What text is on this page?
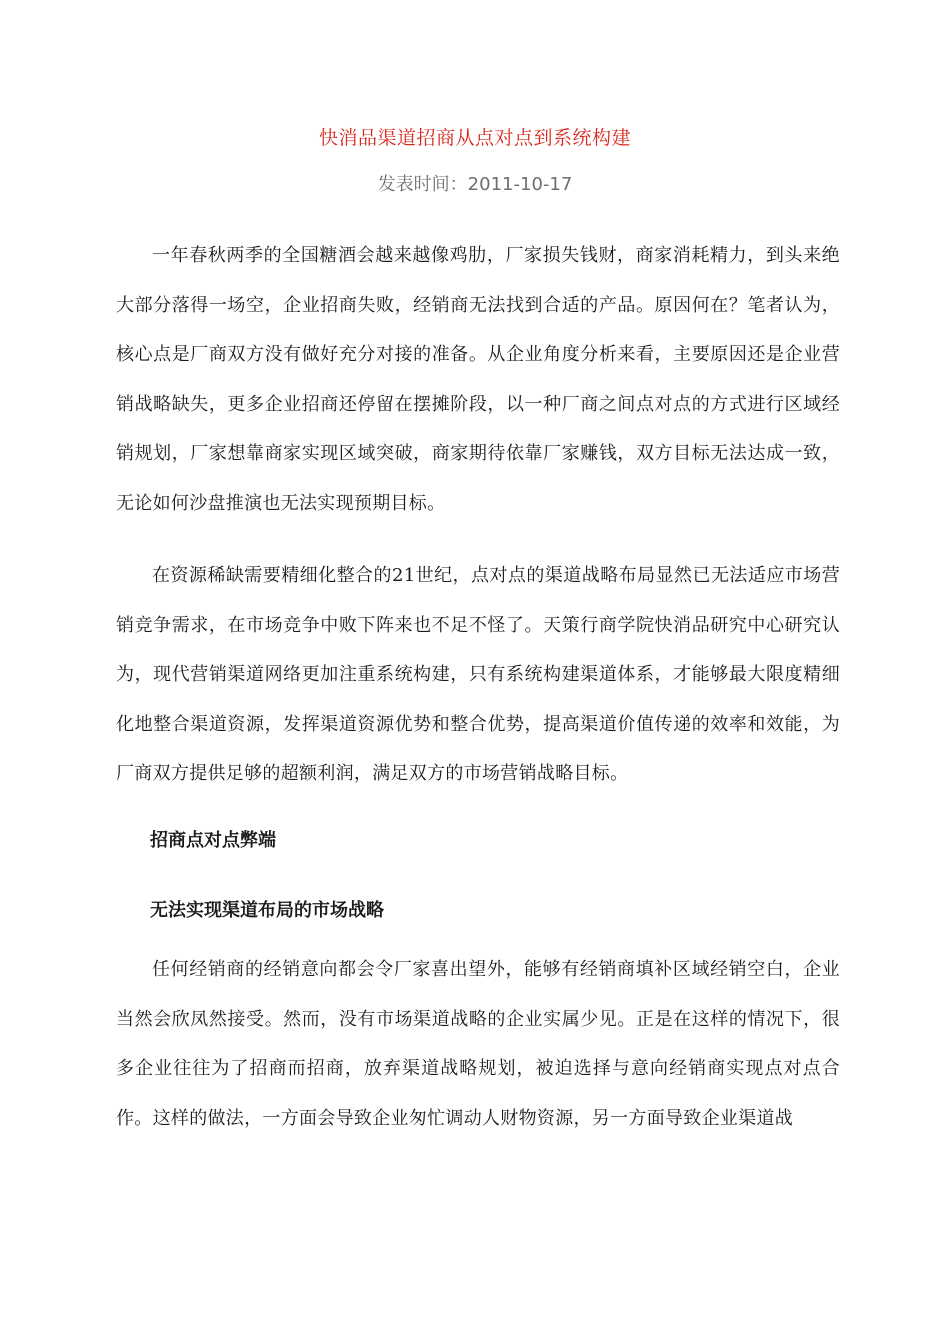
快消品渠道招商从点对点到系统构建
发表时间：2011-10-17

一年春秋两季的全国糖酒会越来越像鸡肋，厂家损失钱财，商家消耗精力，到头来绝大部分落得一场空，企业招商失败，经销商无法找到合适的产品。原因何在？笔者认为，核心点是厂商双方没有做好充分对接的准备。从企业角度分析来看，主要原因还是企业营销战略缺失，更多企业招商还停留在摆摊阶段，以一种厂商之间点对点的方式进行区域经销规划，厂家想靠商家实现区域突破，商家期待依靠厂家赚钱，双方目标无法达成一致，无论如何沙盘推演也无法实现预期目标。

在资源稀缺需要精细化整合的21世纪，点对点的渠道战略布局显然已无法适应市场营销竞争需求，在市场竞争中败下阵来也不足不怪了。天策行商学院快消品研究中心研究认为，现代营销渠道网络更加注重系统构建，只有系统构建渠道体系，才能够最大限度精细化地整合渠道资源，发挥渠道资源优势和整合优势，提高渠道价值传递的效率和效能，为厂商双方提供足够的超额利润，满足双方的市场营销战略目标。

招商点对点弊端
无法实现渠道布局的市场战略

任何经销商的经销意向都会令厂家喜出望外，能够有经销商填补区域经销空白，企业当然会欣凤然接受。然而，没有市场渠道战略的企业实属少见。正是在这样的情况下，很多企业往往为了招商而招商，放弃渠道战略规划，被迫选择与意向经销商实现点对点合作。这样的做法，一方面会导致企业匆忙调动人财物资源，另一方面导致企业渠道战
